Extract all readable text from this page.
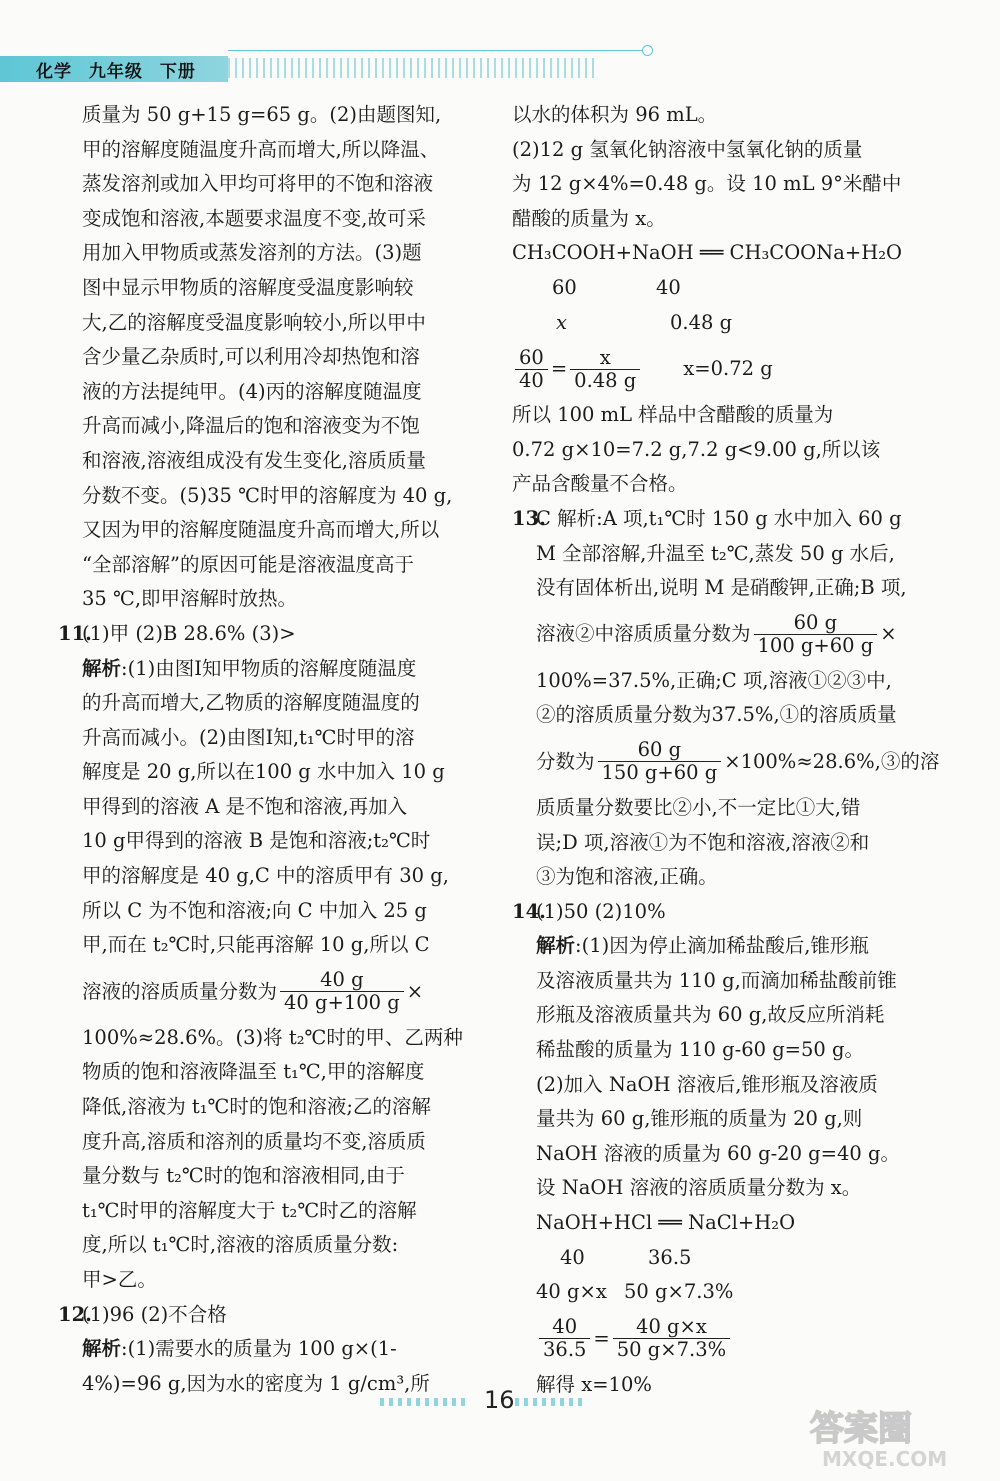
化学 九年级 下册
质量为 50 g+15 g=65 g。(2)由题图知,
甲的溶解度随温度升高而增大,所以降温、
蒸发溶剂或加入甲均可将甲的不饱和溶液
变成饱和溶液,本题要求温度不变,故可采
用加入甲物质或蒸发溶剂的方法。(3)题
图中显示甲物质的溶解度受温度影响较
大,乙的溶解度受温度影响较小,所以甲中
含少量乙杂质时,可以利用冷却热饱和溶
液的方法提纯甲。(4)丙的溶解度随温度
升高而减小,降温后的饱和溶液变为不饱
和溶液,溶液组成没有发生变化,溶质质量
分数不变。(5)35 ℃时甲的溶解度为 40 g,
又因为甲的溶解度随温度升高而增大,所以
“全部溶解”的原因可能是溶液温度高于
35 ℃,即甲溶解时放热。
11.(1)甲 (2)B 28.6% (3)>
解析:(1)由图Ⅰ知甲物质的溶解度随温度
的升高而增大,乙物质的溶解度随温度的
升高而减小。(2)由图Ⅰ知,t₁℃时甲的溶
解度是 20 g,所以在100 g 水中加入 10 g
甲得到的溶液 A 是不饱和溶液,再加入
10 g甲得到的溶液 B 是饱和溶液;t₂℃时
甲的溶解度是 40 g,C 中的溶质甲有 30 g,
所以 C 为不饱和溶液;向 C 中加入 25 g
甲,而在 t₂℃时,只能再溶解 10 g,所以 C
溶液的溶质质量分数为 $\frac{40 g}{40 g+100 g}$ ×
100%≈28.6%。(3)将 t₂℃时的甲、乙两种
物质的饱和溶液降温至 t₁℃,甲的溶解度
降低,溶液为 t₁℃时的饱和溶液;乙的溶解
度升高,溶质和溶剂的质量均不变,溶质质
量分数与 t₂℃时的饱和溶液相同,由于
t₁℃时甲的溶解度大于 t₂℃时乙的溶解
度,所以 t₁℃时,溶液的溶质质量分数:
甲>乙。
12.(1)96 (2)不合格
解析:(1)需要水的质量为 100 g×(1-
4%)=96 g,因为水的密度为 1 g/cm³,所
以水的体积为 96 mL。
(2)12 g 氢氧化钠溶液中氢氧化钠的质量
为 12 g×4%=0.48 g。设 10 mL 9°米醋中
醋酸的质量为 x。
CH₃COOH+NaOH ══ CH₃COONa+H₂O
60	40
x	0.48 g
$\frac{60}{40} = \frac{x}{0.48 g} x=0.72$ g
所以 100 mL 样品中含醋酸的质量为
0.72 g×10=7.2 g,7.2 g<9.00 g,所以该
产品含酸量不合格。
13.C 解析:A 项,t₁℃时 150 g 水中加入 60 g
M 全部溶解,升温至 t₂℃,蒸发 50 g 水后,
没有固体析出,说明 M 是硝酸钾,正确;B 项,
溶液②中溶质质量分数为 $\frac{60 g}{100 g+60 g}$ ×
100%=37.5%,正确;C 项,溶液①②③中,
②的溶质质量分数为37.5%,①的溶质质量
分数为 $\frac{60 g}{150 g+60 g}$ ×100%≈28.6%,③的溶
质质量分数要比②小,不一定比①大,错
误;D 项,溶液①为不饱和溶液,溶液②和
③为饱和溶液,正确。
14.(1)50 (2)10%
解析:(1)因为停止滴加稀盐酸后,锥形瓶
及溶液质量共为 110 g,而滴加稀盐酸前锥
形瓶及溶液质量共为 60 g,故反应所消耗
稀盐酸的质量为 110 g-60 g=50 g。
(2)加入 NaOH 溶液后,锥形瓶及溶液质
量共为 60 g,锥形瓶的质量为 20 g,则
NaOH 溶液的质量为 60 g-20 g=40 g。
设 NaOH 溶液的溶质质量分数为 x。
NaOH+HCl ══ NaCl+H₂O
40	36.5
40 g×x 50 g×7.3%
$\frac{40}{36.5} = \frac{40 g\times x}{50 g\times 7.3\%}$
解得 x=10%
16
答案圈
MXQE.COM
